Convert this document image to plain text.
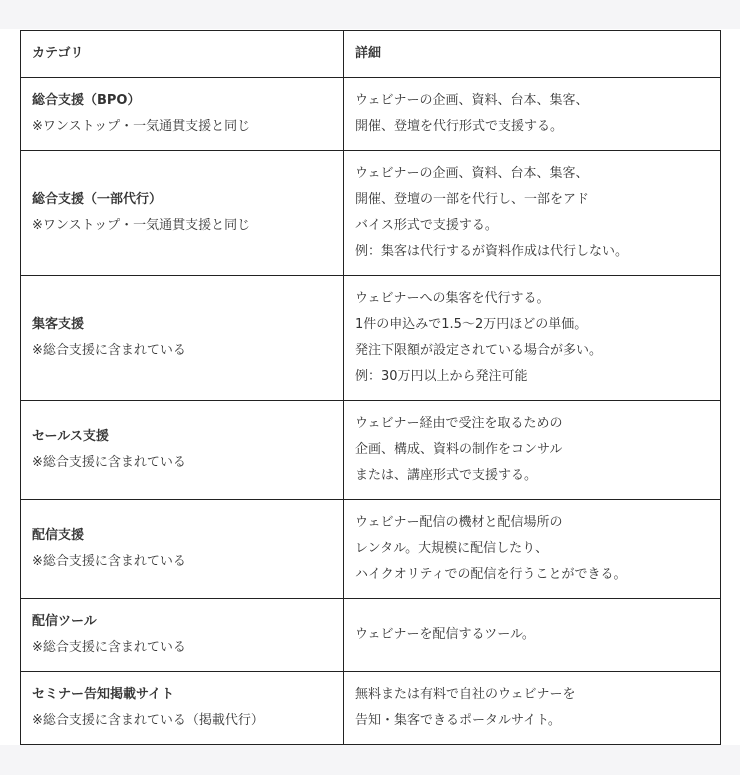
カテゴリ	詳細

総合支援（BPO）
※ワンストップ・一気通貫支援と同じ	ウェビナーの企画、資料、台本、集客、
開催、登壇を代行形式で支援する。

総合支援（一部代行）
※ワンストップ・一気通貫支援と同じ	ウェビナーの企画、資料、台本、集客、
開催、登壇の一部を代行し、一部をアド
バイス形式で支援する。
例：集客は代行するが資料作成は代行しない。

集客支援
※総合支援に含まれている	ウェビナーへの集客を代行する。
1件の申込みで1.5〜2万円ほどの単価。
発注下限額が設定されている場合が多い。
例：30万円以上から発注可能

セールス支援
※総合支援に含まれている	ウェビナー経由で受注を取るための
企画、構成、資料の制作をコンサル
または、講座形式で支援する。

配信支援
※総合支援に含まれている	ウェビナー配信の機材と配信場所の
レンタル。大規模に配信したり、
ハイクオリティでの配信を行うことができる。

配信ツール
※総合支援に含まれている	ウェビナーを配信するツール。

セミナー告知掲載サイト
※総合支援に含まれている（掲載代行）	無料または有料で自社のウェビナーを
告知・集客できるポータルサイト。
